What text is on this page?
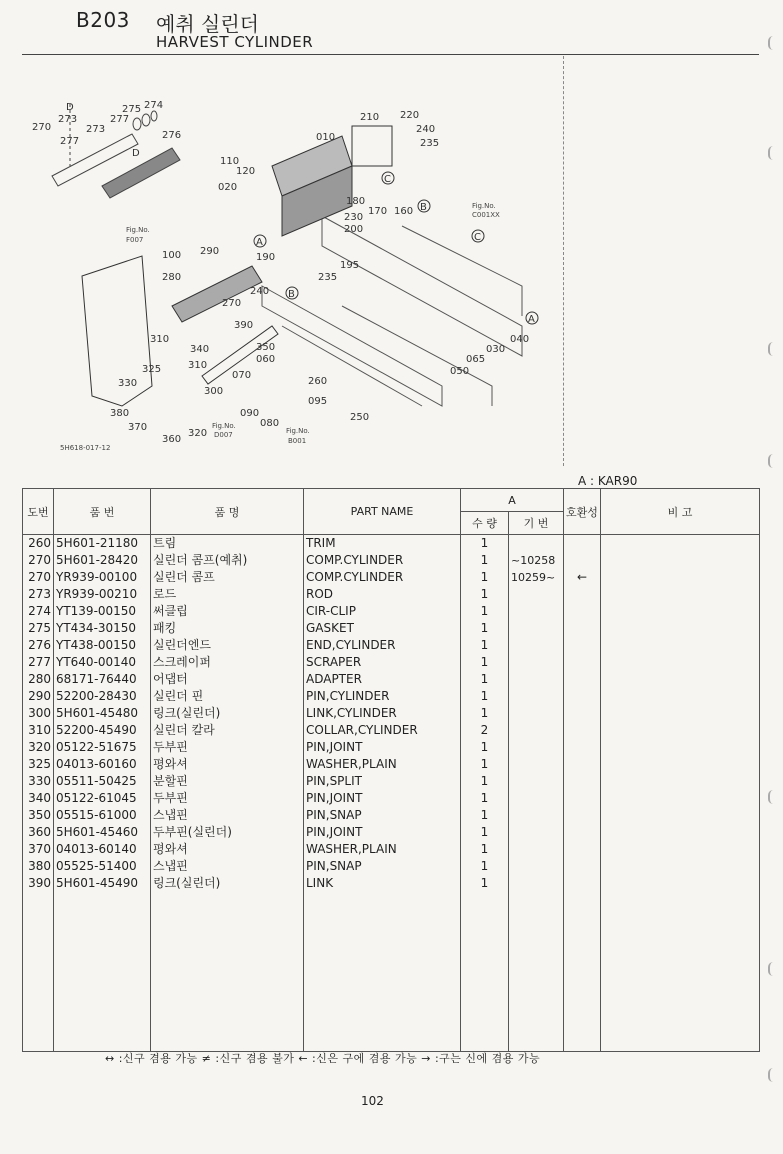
B203 예취 실린더
HARVEST CYLINDER
270
273
277
275 274
276
273
277
D
D
210 220
240
235
010
110
120
020
180
170 160
230
200
190
195
235
240
280
290
100
270
310
340
310
325
330
380
370
360
320
300
390
350
060
070
090
080
095
250
260
065
050
030
040
A
B
C
B
C
A
Fig.No.
F007
Fig.No.
C001XX
Fig.No.
D007	Fig.No.
B001
5H618-017-12
A : KAR90
도번	품 번	품 명	PART NAME	A		호환성	비 고
				수 량	기 번		
260	5H601-21180	트림	TRIM	1			
270	5H601-28420	실린더 콤프(예취)	COMP.CYLINDER	1	~10258		
270	YR939-00100	실린더 콤프	COMP.CYLINDER	1	10259~	←	
273	YR939-00210	로드	ROD	1			
274	YT139-00150	써클립	CIR-CLIP	1			
275	YT434-30150	패킹	GASKET	1			
276	YT438-00150	실린더엔드	END,CYLINDER	1			
277	YT640-00140	스크레이퍼	SCRAPER	1			
280	68171-76440	어댑터	ADAPTER	1			
290	52200-28430	실린더 핀	PIN,CYLINDER	1			
300	5H601-45480	링크(실린더)	LINK,CYLINDER	1			
310	52200-45490	실린더 칼라	COLLAR,CYLINDER	2			
320	05122-51675	두부핀	PIN,JOINT	1			
325	04013-60160	평와셔	WASHER,PLAIN	1			
330	05511-50425	분할핀	PIN,SPLIT	1			
340	05122-61045	두부핀	PIN,JOINT	1			
350	05515-61000	스냅핀	PIN,SNAP	1			
360	5H601-45460	두부핀(실린더)	PIN,JOINT	1			
370	04013-60140	평와셔	WASHER,PLAIN	1			
380	05525-51400	스냅핀	PIN,SNAP	1			
390	5H601-45490	링크(실린더)	LINK	1			

↔ :신구 겸용 가능 ≠ :신구 겸용 불가 ← :신은 구에 겸용 가능 → :구는 신에 겸용 가능
102
